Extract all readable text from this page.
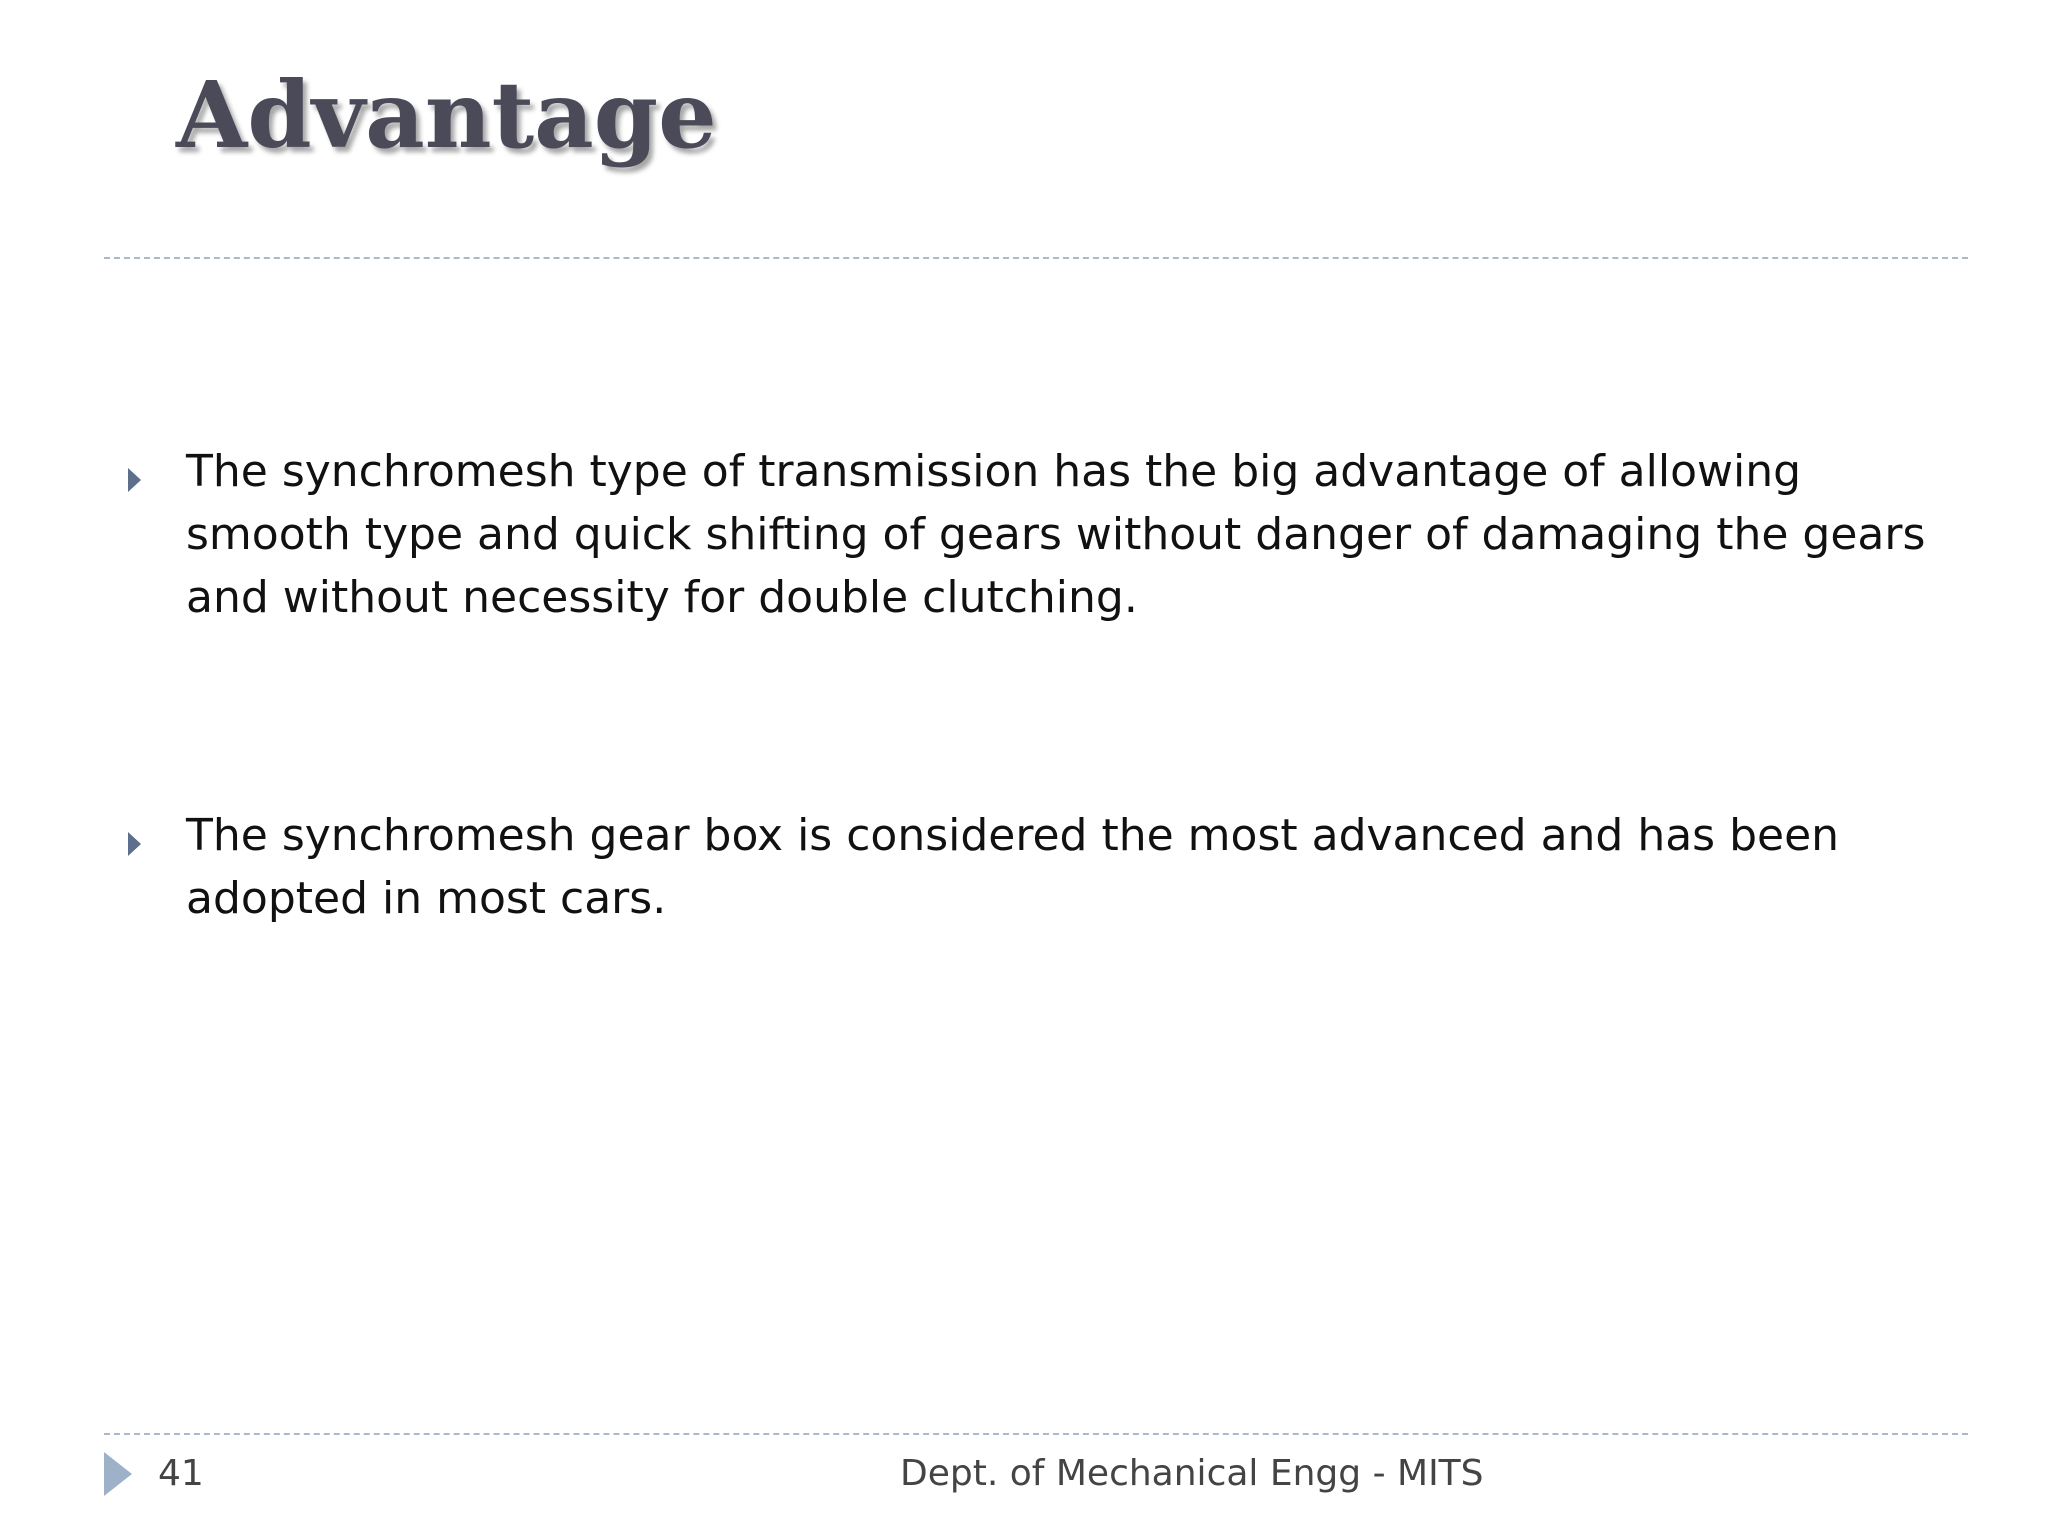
Advantage
The synchromesh type of transmission has the big advantage of allowing smooth type and quick shifting of gears without danger of damaging the gears and without necessity for double clutching.
The synchromesh gear box is considered the most advanced and has been adopted in most cars.
41	Dept. of Mechanical Engg - MITS
